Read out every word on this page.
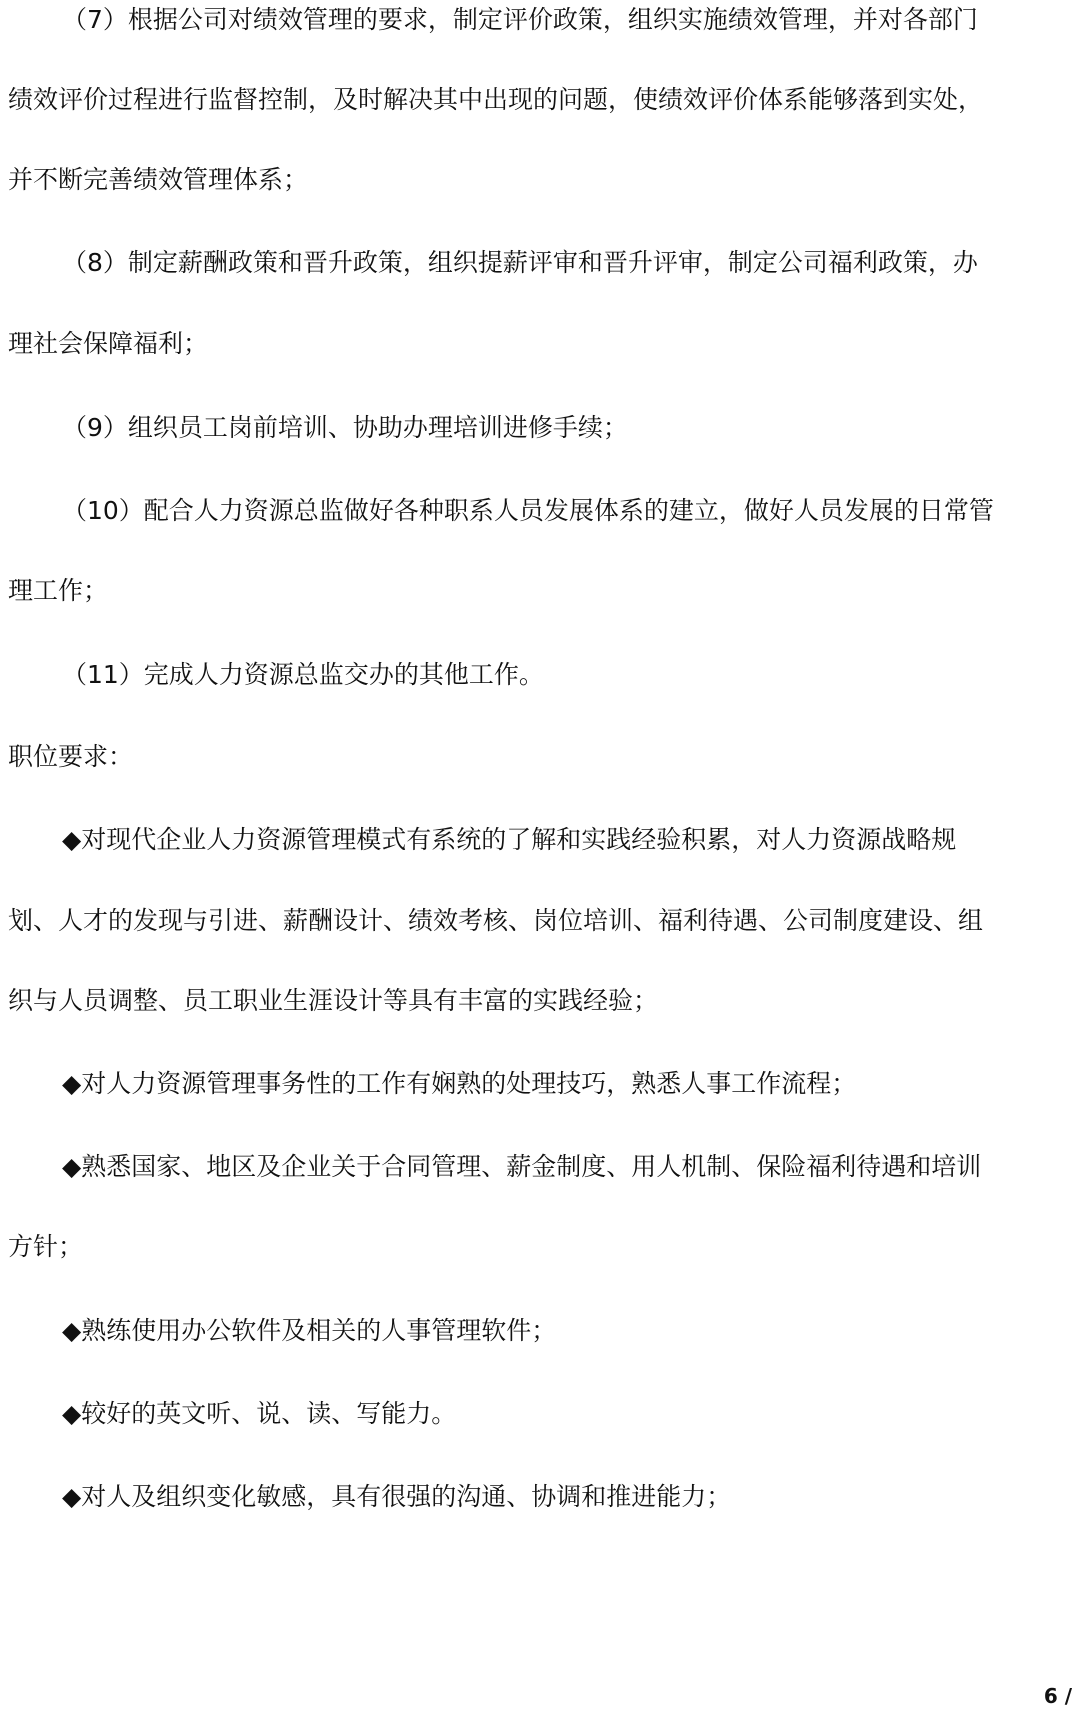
（7）根据公司对绩效管理的要求，制定评价政策，组织实施绩效管理，并对各部门
绩效评价过程进行监督控制，及时解决其中出现的问题，使绩效评价体系能够落到实处，
并不断完善绩效管理体系；
（8）制定薪酬政策和晋升政策，组织提薪评审和晋升评审，制定公司福利政策，办
理社会保障福利；
（9）组织员工岗前培训、协助办理培训进修手续；
（10）配合人力资源总监做好各种职系人员发展体系的建立，做好人员发展的日常管
理工作；
（11）完成人力资源总监交办的其他工作。
职位要求：
◆对现代企业人力资源管理模式有系统的了解和实践经验积累，对人力资源战略规
划、人才的发现与引进、薪酬设计、绩效考核、岗位培训、福利待遇、公司制度建设、组
织与人员调整、员工职业生涯设计等具有丰富的实践经验；
◆对人力资源管理事务性的工作有娴熟的处理技巧，熟悉人事工作流程；
◆熟悉国家、地区及企业关于合同管理、薪金制度、用人机制、保险福利待遇和培训
方针；
◆熟练使用办公软件及相关的人事管理软件；
◆较好的英文听、说、读、写能力。
◆对人及组织变化敏感，具有很强的沟通、协调和推进能力；
6 /
